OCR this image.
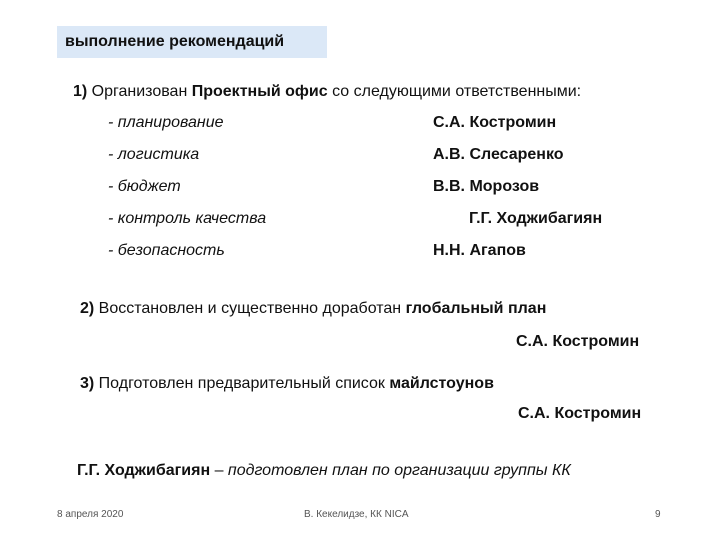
выполнение рекомендаций
1) Организован Проектный офис со следующими ответственными:
- планирование	С.А. Костромин
- логистика	А.В. Слесаренко
- бюджет	В.В. Морозов
- контроль качества	Г.Г. Ходжибагиян
- безопасность	Н.Н. Агапов
2) Восстановлен и существенно доработан глобальный план
С.А. Костромин
3) Подготовлен предварительный список майлстоунов
С.А. Костромин
Г.Г. Ходжибагиян – подготовлен план по организации группы КК
8 апреля 2020	В. Кекелидзе, КК NICA	9
